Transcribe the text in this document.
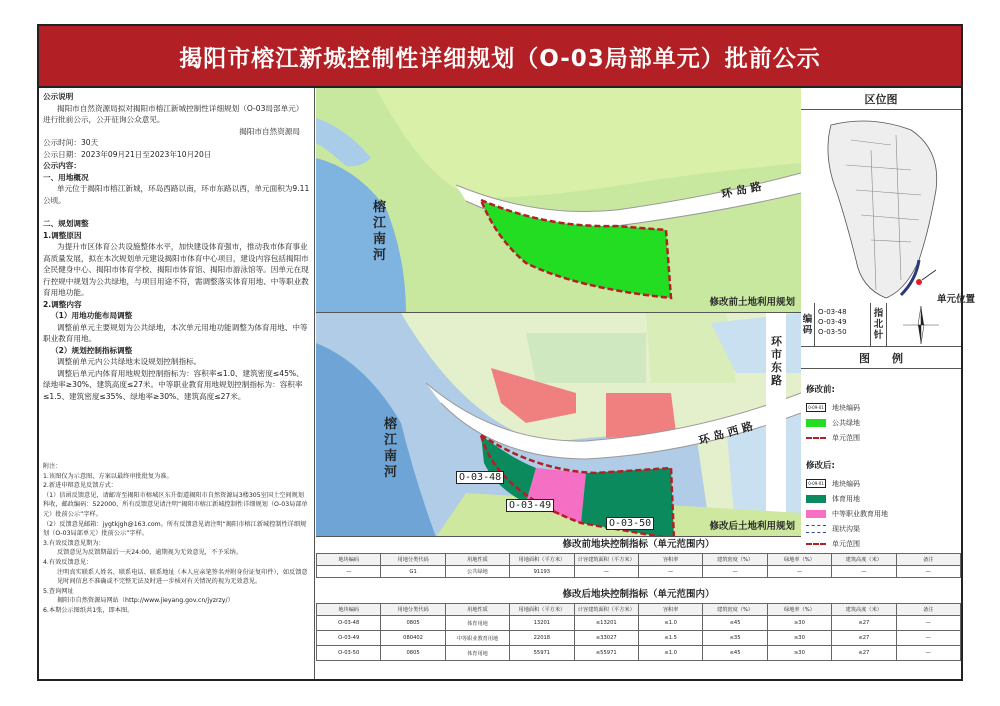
揭阳市榕江新城控制性详细规划（O-03局部单元）批前公示
公示说明
揭阳市自然资源局拟对揭阳市榕江新城控制性详细规划（O-03局部单元）进行批前公示，公开征询公众意见。
揭阳市自然资源局
公示时间：30天
公示日期：2023年09月21日至2023年10月20日
公示内容：
一、用地概况
单元位于揭阳市榕江新城，环岛西路以南，环市东路以西，单元面积为9.11公顷。
二、规划调整
1.调整原因
为提升市区体育公共设施整体水平，加快建设体育强市，推动我市体育事业高质量发展，拟在本次规划单元建设揭阳市体育中心项目，建设内容包括揭阳市全民健身中心、揭阳市体育学校、揭阳市体育馆、揭阳市游泳馆等。因单元在现行控规中规划为公共绿地，与项目用途不符，需调整落实体育用地、中等职业教育用地功能。
2.调整内容
（1）用地功能布局调整
调整前单元主要规划为公共绿地，本次单元用地功能调整为体育用地、中等职业教育用地。
（2）规划控制指标调整
调整前单元内公共绿地未设规划控制指标。
调整后单元内体育用地规划控制指标为：容积率≤1.0、建筑密度≤45%、绿地率≥30%、建筑高度≤27米。中等职业教育用地规划控制指标为：容积率≤1.5、建筑密度≤35%、绿地率≥30%、建筑高度≤27米。
附注：
1.该图仅为示意图，方案以最终审批批复为准。
2.新进申辩意见反馈方式：
（1）信函反馈意见，请邮寄至揭阳市榕城区东升街道揭阳市自然资源局3楼305室国土空间规划科收，邮政编码：522000，所有反馈意见请注明“揭阳市榕江新城控制性详细规划（O-03局部单元）批前公示”字样。
（2）反馈意见邮箱：jygtkjgh@163.com。所有反馈意见请注明“揭阳市榕江新城控制性详细规划（O-03局部单元）批前公示”字样。
3.有效反馈意见期为：
反馈意见为反馈期最后一天24:00，逾期视为无效意见，不予采纳。
4.有效反馈意见：
注明真实联系人姓名、联系电话、联系地址（本人应亲笔签名并附身份证复印件），如反馈意见时间信息不准确或不完整无法及时进一步核对有关情况的视为无效意见。
5.查询网址
揭阳市自然资源局网站（http://www.jieyang.gov.cn/jyzrzy/）
6.本期公示图纸共1张，即本图。
榕
江
南
河
环 岛 路
修改前土地利用规划
榕
江
南
河
环 岛 西 路
环
市
东
路
O-03-48
O-03-49
O-03-50	修改后土地利用规划
区位图
单元位置
编码
O-03-48
O-03-49
O-03-50
指北针
图　　例
修改前:
0-09-01	地块编码
公共绿地
单元范围
修改后:
0-09-01	地块编码
体育用地
中等职业教育用地
现状沟渠
单元范围
修改前地块控制指标（单元范围内）
地块编码	用地分类代码	用地性质	用地面积（平方米）	计容建筑面积（平方米）	容积率	建筑密度（%）	绿地率（%）	建筑高度（米）	备注
—	G1	公共绿地	91193	—	—	—	—	—	—
修改后地块控制指标（单元范围内）
地块编码	用地分类代码	用地性质	用地面积（平方米）	计容建筑面积（平方米）	容积率	建筑密度（%）	绿地率（%）	建筑高度（米）	备注
O-03-48	0805	体育用地	13201	≤13201	≤1.0	≤45	≥30	≤27	—
O-03-49	080402	中等职业教育用地	22018	≤33027	≤1.5	≤35	≥30	≤27	—
O-03-50	0805	体育用地	55971	≤55971	≤1.0	≤45	≥30	≤27	—
